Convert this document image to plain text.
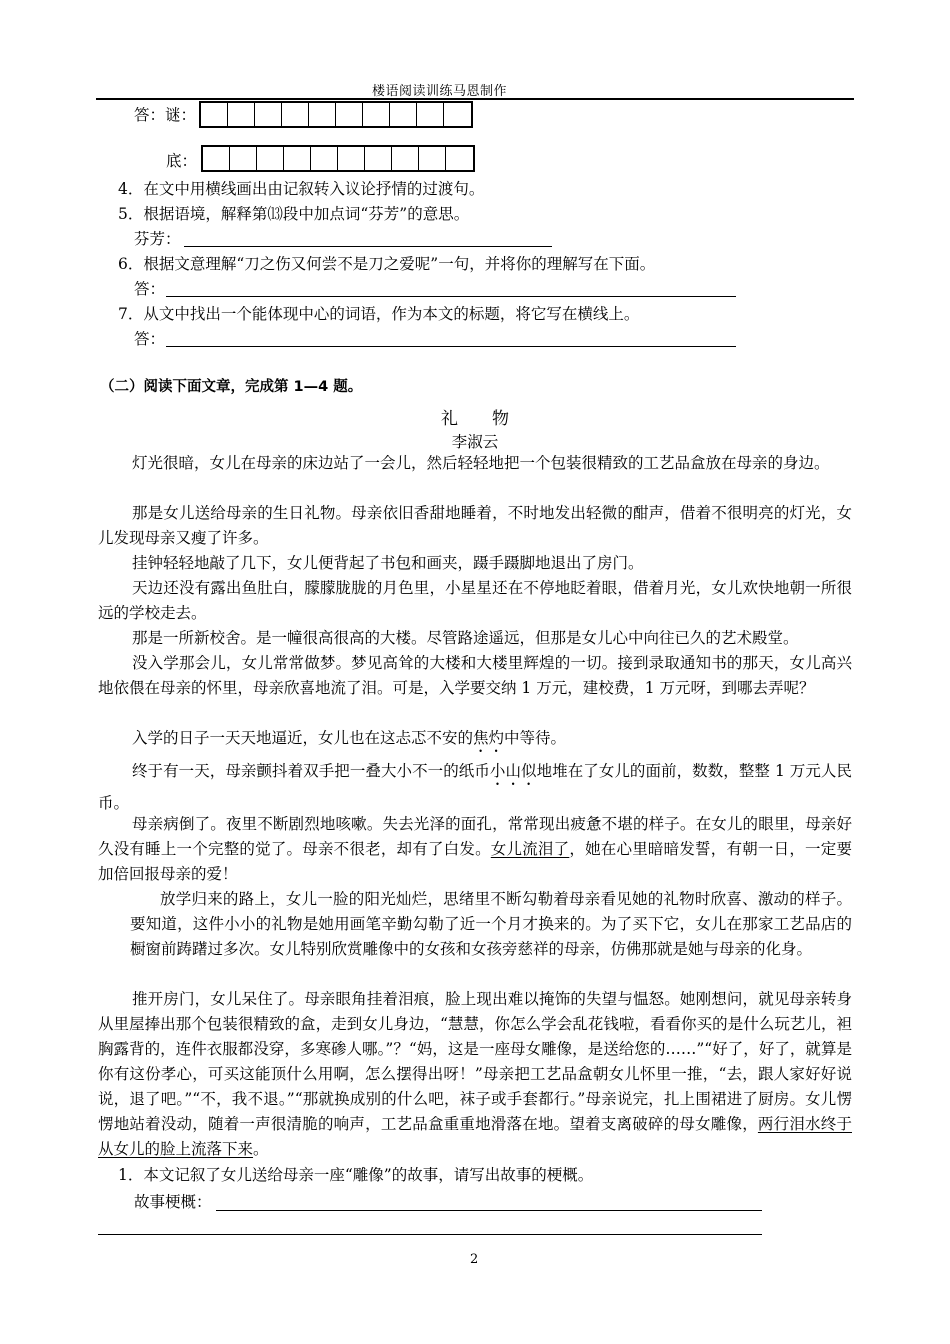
楼语阅读训练马恩制作
答：谜：
底：
4．在文中用横线画出由记叙转入议论抒情的过渡句。
5．根据语境，解释第⒀段中加点词“芬芳”的意思。
芬芳：
6．根据文意理解“刀之伤又何尝不是刀之爱呢”一句，并将你的理解写在下面。
答：
7．从文中找出一个能体现中心的词语，作为本文的标题，将它写在横线上。
答：
（二）阅读下面文章，完成第 1—4 题。
礼　　物
李淑云
灯光很暗，女儿在母亲的床边站了一会儿，然后轻轻地把一个包装很精致的工艺品盒放在母亲的身边。
那是女儿送给母亲的生日礼物。母亲依旧香甜地睡着，不时地发出轻微的酣声，借着不很明亮的灯光，女儿发现母亲又瘦了许多。
挂钟轻轻地敲了几下，女儿便背起了书包和画夹，蹑手蹑脚地退出了房门。
天边还没有露出鱼肚白，朦朦胧胧的月色里，小星星还在不停地眨着眼，借着月光，女儿欢快地朝一所很远的学校走去。
那是一所新校舍。是一幢很高很高的大楼。尽管路途遥远，但那是女儿心中向往已久的艺术殿堂。
没入学那会儿，女儿常常做梦。梦见高耸的大楼和大楼里辉煌的一切。接到录取通知书的那天，女儿高兴地依偎在母亲的怀里，母亲欣喜地流了泪。可是，入学要交纳 1 万元，建校费，1 万元呀，到哪去弄呢？
入学的日子一天天地逼近，女儿也在这忐忑不安的焦灼中等待。
终于有一天，母亲颤抖着双手把一叠大小不一的纸币小山似地堆在了女儿的面前，数数，整整 1 万元人民币。
母亲病倒了。夜里不断剧烈地咳嗽。失去光泽的面孔，常常现出疲惫不堪的样子。在女儿的眼里，母亲好久没有睡上一个完整的觉了。母亲不很老，却有了白发。女儿流泪了，她在心里暗暗发誓，有朝一日，一定要加倍回报母亲的爱！
放学归来的路上，女儿一脸的阳光灿烂，思绪里不断勾勒着母亲看见她的礼物时欣喜、激动的样子。要知道，这件小小的礼物是她用画笔辛勤勾勒了近一个月才换来的。为了买下它，女儿在那家工艺品店的橱窗前踌躇过多次。女儿特别欣赏雕像中的女孩和女孩旁慈祥的母亲，仿佛那就是她与母亲的化身。
推开房门，女儿呆住了。母亲眼角挂着泪痕，脸上现出难以掩饰的失望与愠怒。她刚想问，就见母亲转身从里屋捧出那个包装很精致的盒，走到女儿身边，“慧慧，你怎么学会乱花钱啦，看看你买的是什么玩艺儿，袒胸露背的，连件衣服都没穿，多寒碜人哪。”？“妈，这是一座母女雕像，是送给您的……”“好了，好了，就算是你有这份孝心，可买这能顶什么用啊，怎么摆得出呀！”母亲把工艺品盒朝女儿怀里一推，“去，跟人家好好说说，退了吧。”“不，我不退。”“那就换成别的什么吧，袜子或手套都行。”母亲说完，扎上围裙进了厨房。女儿愣愣地站着没动，随着一声很清脆的响声，工艺品盒重重地滑落在地。望着支离破碎的母女雕像，两行泪水终于从女儿的脸上流落下来。
1．本文记叙了女儿送给母亲一座“雕像”的故事，请写出故事的梗概。
故事梗概：
2
